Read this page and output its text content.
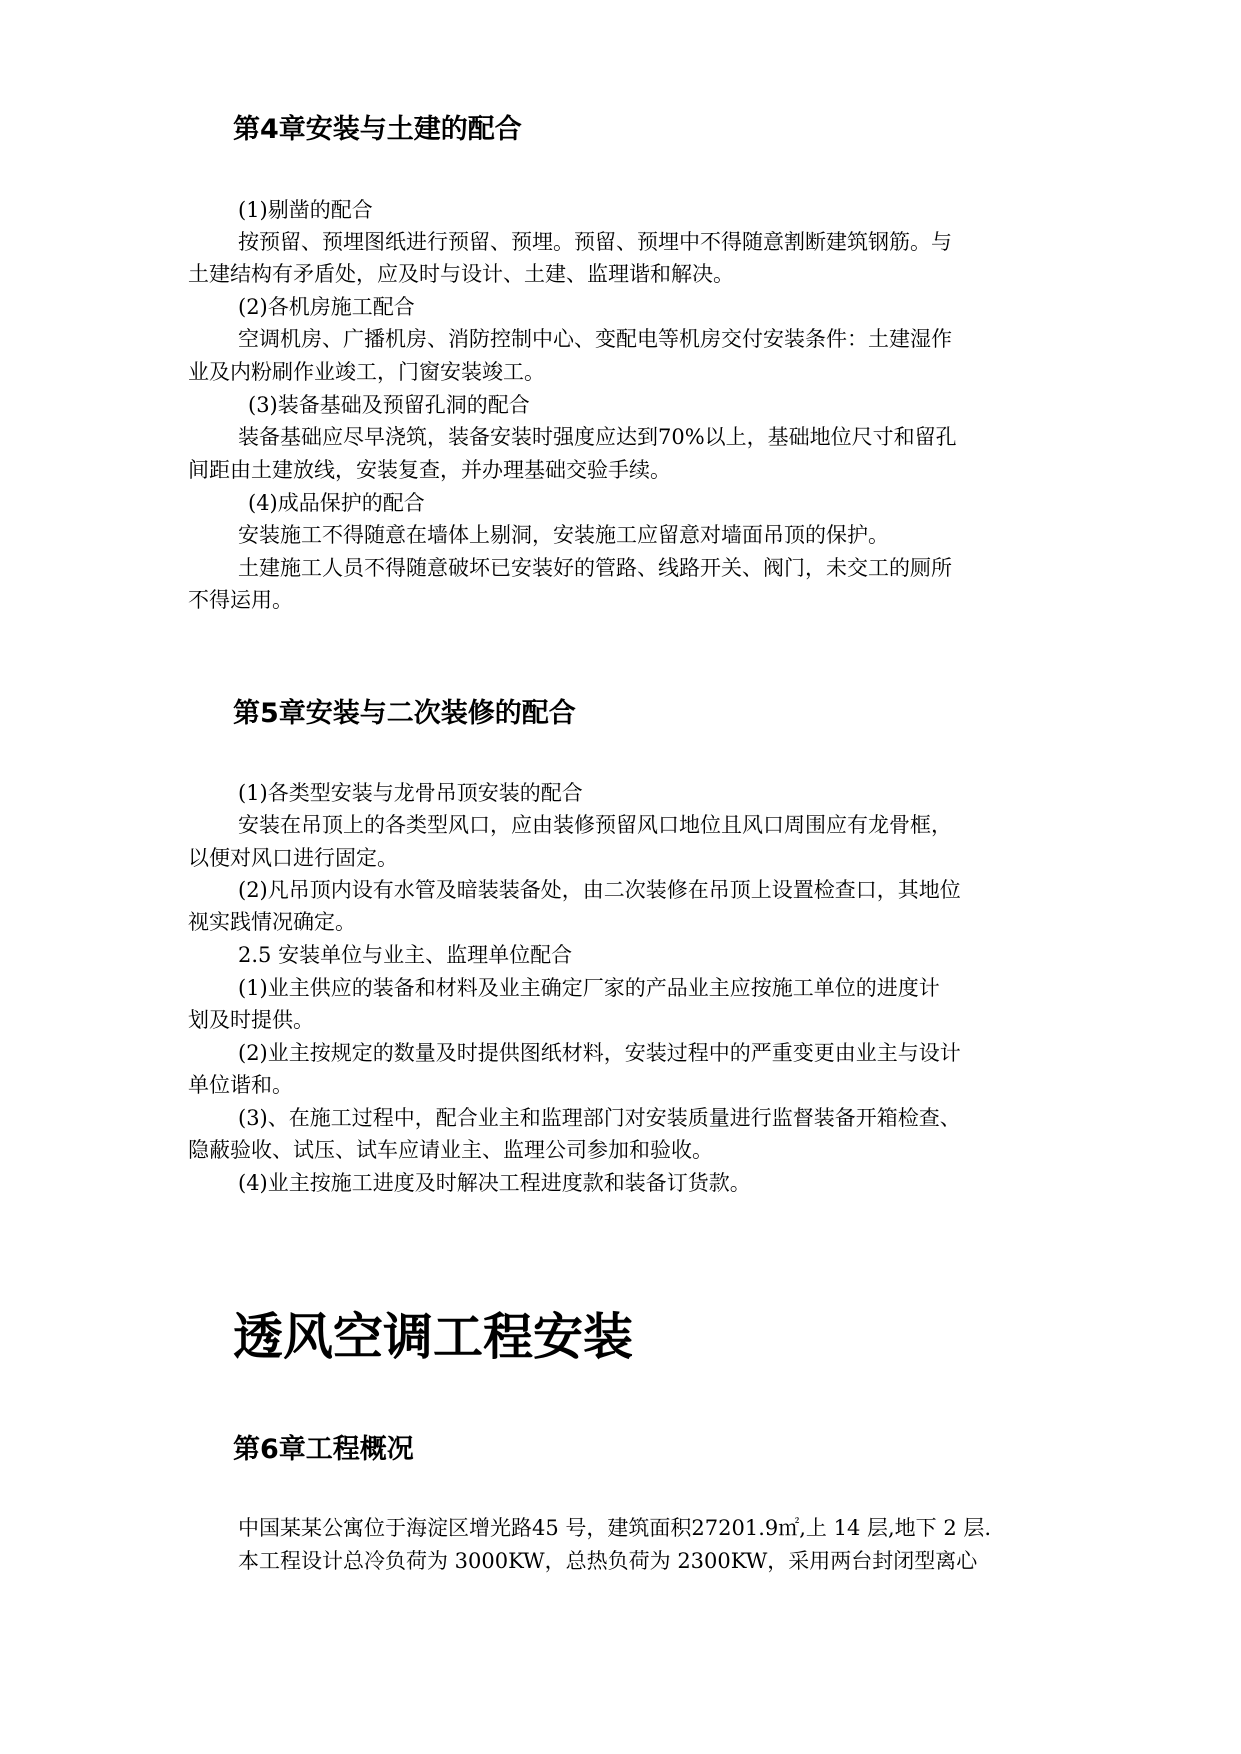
第4章安装与土建的配合

(1)剔凿的配合

按预留、预埋图纸进行预留、预埋。预留、预埋中不得随意割断建筑钢筋。与

土建结构有矛盾处，应及时与设计、土建、监理谐和解决。

(2)各机房施工配合

空调机房、广播机房、消防控制中心、变配电等机房交付安装条件：土建湿作

业及内粉刷作业竣工，门窗安装竣工。

(3)装备基础及预留孔洞的配合

装备基础应尽早浇筑，装备安装时强度应达到70%以上，基础地位尺寸和留孔

间距由土建放线，安装复查，并办理基础交验手续。

(4)成品保护的配合

安装施工不得随意在墙体上剔洞，安装施工应留意对墙面吊顶的保护。

土建施工人员不得随意破坏已安装好的管路、线路开关、阀门，未交工的厕所

不得运用。

第5章安装与二次装修的配合

(1)各类型安装与龙骨吊顶安装的配合

安装在吊顶上的各类型风口，应由装修预留风口地位且风口周围应有龙骨框，

以便对风口进行固定。

(2)凡吊顶内设有水管及暗装装备处，由二次装修在吊顶上设置检查口，其地位

视实践情况确定。

2.5 安装单位与业主、监理单位配合

(1)业主供应的装备和材料及业主确定厂家的产品业主应按施工单位的进度计

划及时提供。

(2)业主按规定的数量及时提供图纸材料，安装过程中的严重变更由业主与设计

单位谐和。

(3)、在施工过程中，配合业主和监理部门对安装质量进行监督装备开箱检查、

隐蔽验收、试压、试车应请业主、监理公司参加和验收。

(4)业主按施工进度及时解决工程进度款和装备订货款。

透风空调工程安装
第6章工程概况

中国某某公寓位于海淀区增光路45 号，建筑面积27201.9㎡,上 14 层,地下 2 层.

本工程设计总冷负荷为 3000KW，总热负荷为 2300KW，采用两台封闭型离心
